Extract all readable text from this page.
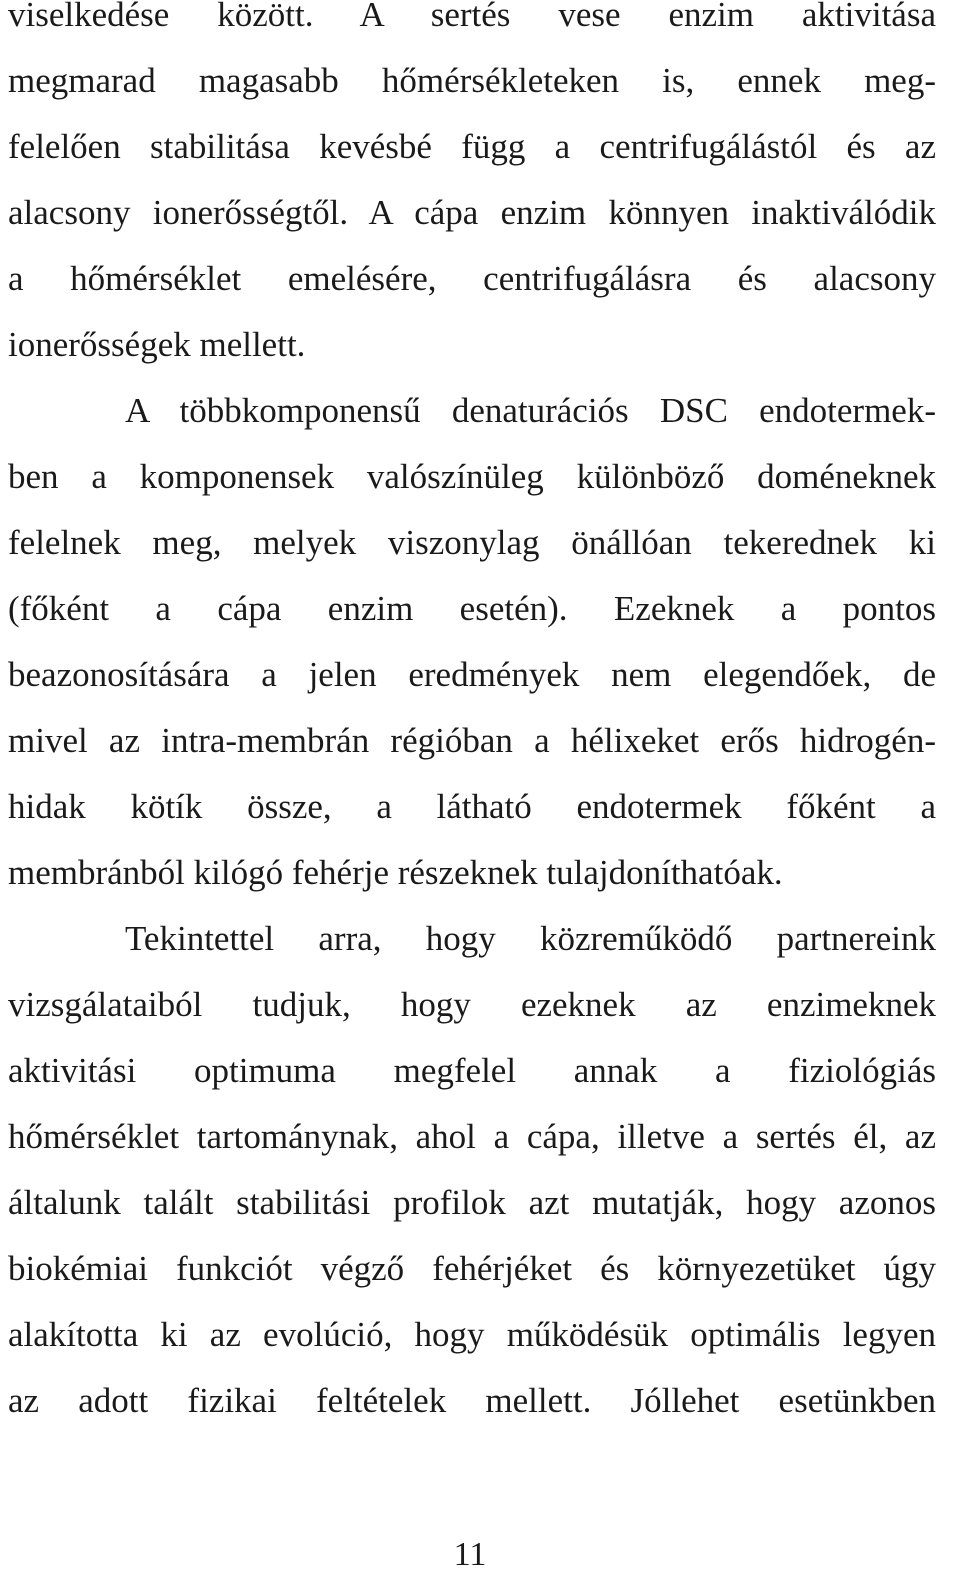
viselkedése között. A sertés vese enzim aktivitása
megmarad magasabb hőmérsékleteken is, ennek meg-
felelően stabilitása kevésbé függ a centrifugálástól és az
alacsony ionerősségtől. A cápa enzim könnyen inaktiválódik
a hőmérséklet emelésére, centrifugálásra és alacsony
ionerősségek mellett.
A többkomponensű denaturációs DSC endotermek-
ben a komponensek valószínüleg különböző doméneknek
felelnek meg, melyek viszonylag önállóan tekerednek ki
(főként a cápa enzim esetén). Ezeknek a pontos
beazonosítására a jelen eredmények nem elegendőek, de
mivel az intra-membrán régióban a hélixeket erős hidrogén-
hidak kötík össze, a látható endotermek főként a
membránból kilógó fehérje részeknek tulajdoníthatóak.
Tekintettel arra, hogy közreműködő partnereink
vizsgálataiból tudjuk, hogy ezeknek az enzimeknek
aktivitási optimuma megfelel annak a fiziológiás
hőmérséklet tartománynak, ahol a cápa, illetve a sertés él, az
általunk talált stabilitási profilok azt mutatják, hogy azonos
biokémiai funkciót végző fehérjéket és környezetüket úgy
alakította ki az evolúció, hogy működésük optimális legyen
az adott fizikai feltételek mellett. Jóllehet esetünkben
11
